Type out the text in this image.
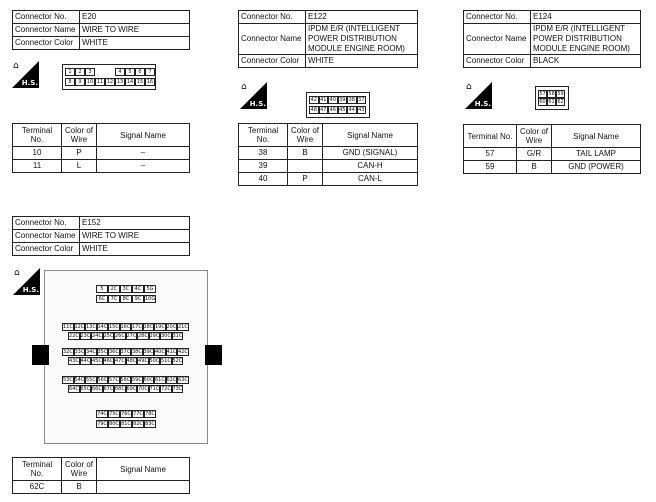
Connector No.	E20
Connector Name	WIRE TO WIRE
Connector Color	WHITE
⌂
H.S.
1	2	3	4	5	6	7
8	9	10 11 12 13 14 15 16
Terminal No.	Color of Wire	Signal Name
10	P	–
11	L	–
Connector No.	E122
Connector Name	IPDM E/R (INTELLIGENT POWER DISTRIBUTION MODULE ENGINE ROOM)
Connector Color	WHITE
⌂
H.S.	42 41 40 39 38 37
48 47 46 45 44 43
Terminal No.	Color of Wire	Signal Name
38	B	GND (SIGNAL)
39		CAN-H
40	P	CAN-L
Connector No.	E124
Connector Name	IPDM E/R (INTELLIGENT POWER DISTRIBUTION MODULE ENGINE ROOM)
Connector Color	BLACK
⌂
H.S.
57 58 59
60 61 62
Terminal No.	Color of Wire	Signal Name
57	G/R	TAIL LAMP
59	B	GND (POWER)
Connector No.	E152
Connector Name	WIRE TO WIRE
Connector Color	WHITE
⌂
H.S.	5	2C	3C	4C	5G
6C	7C	8C	9C 10G
11C 12C 13C 14C 15C 16C 17C 18C 19C 20C 21C
22C 23C 24C 25C 26C 27C 28C 29C 30C 31C
32C 33C 34C 35C 36C 37C 38C 39C 40C 41C 42C
43C 44C 45C 46C 47C 48C 49C 50C 51C 52C
53C 54C 55C 56C 57C 58C 59C 60C 61C 62C 63C
64C 65C 66C 67C 68C 69C 70C 71C 72C 73C
74C 75C 76C 77C 78C
79C 80C 81C 82C 83C
Terminal No.	Color of Wire	Signal Name
62C	B	
